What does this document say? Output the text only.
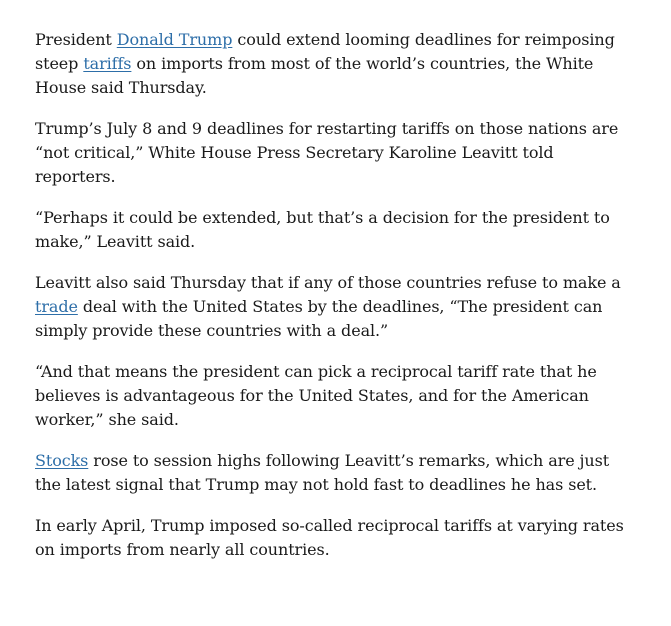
President Donald Trump could extend looming deadlines for reimposing steep tariffs on imports from most of the world’s countries, the White House said Thursday.

Trump’s July 8 and 9 deadlines for restarting tariffs on those nations are “not critical,” White House Press Secretary Karoline Leavitt told reporters.

“Perhaps it could be extended, but that’s a decision for the president to make,” Leavitt said.

Leavitt also said Thursday that if any of those countries refuse to make a trade deal with the United States by the deadlines, “The president can simply provide these countries with a deal.”

“And that means the president can pick a reciprocal tariff rate that he believes is advantageous for the United States, and for the American worker,” she said.

Stocks rose to session highs following Leavitt’s remarks, which are just the latest signal that Trump may not hold fast to deadlines he has set.

In early April, Trump imposed so-called reciprocal tariffs at varying rates on imports from nearly all countries.
